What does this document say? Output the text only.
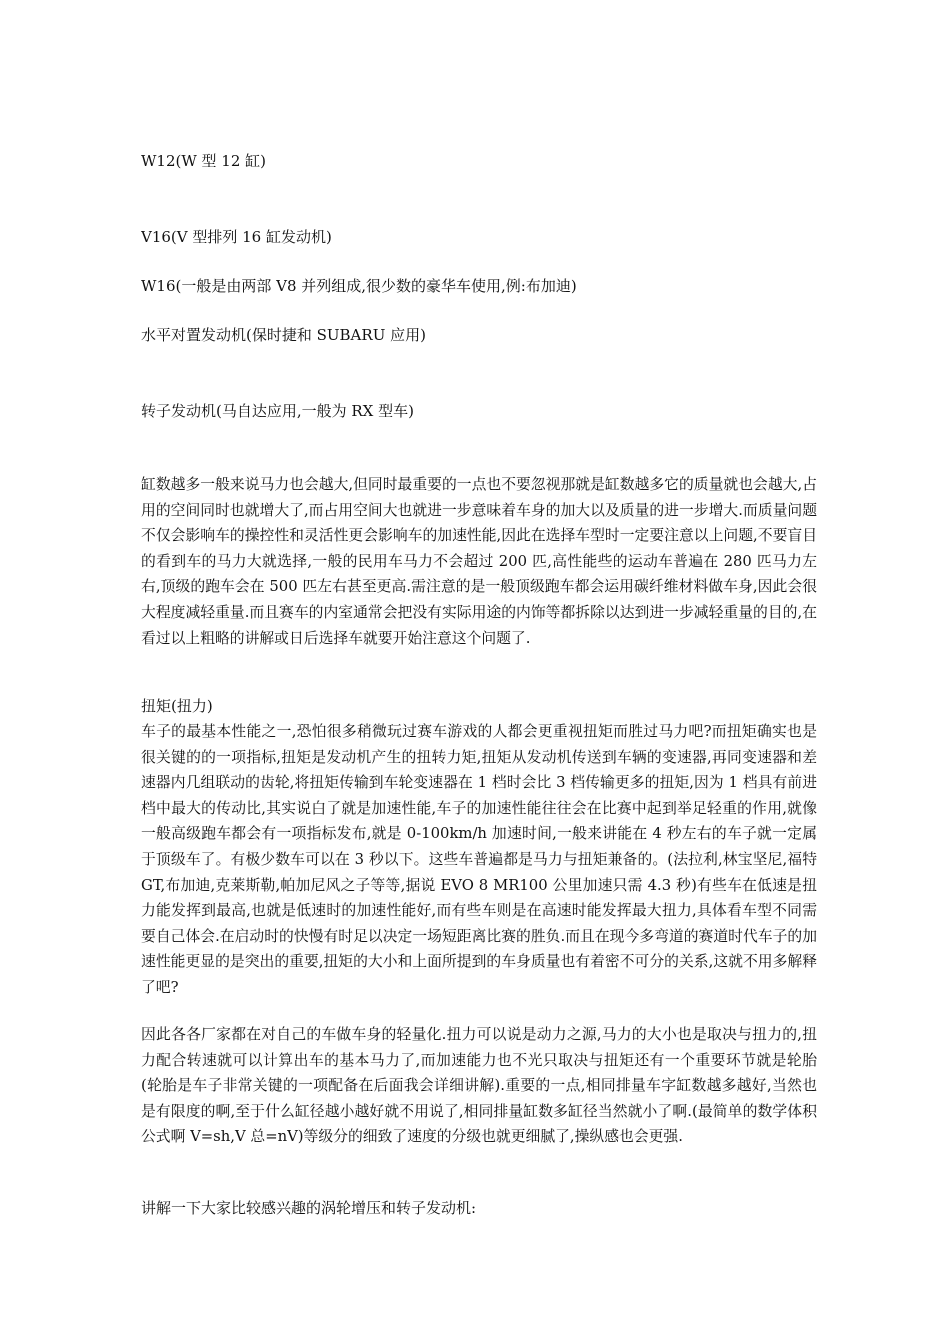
W12(W 型 12 缸)
V16(V 型排列 16 缸发动机)
W16(一般是由两部 V8 并列组成,很少数的豪华车使用,例:布加迪)
水平对置发动机(保时捷和 SUBARU 应用)
转子发动机(马自达应用,一般为 RX 型车)
缸数越多一般来说马力也会越大,但同时最重要的一点也不要忽视那就是缸数越多它的质量就也会越大,占用的空间同时也就增大了,而占用空间大也就进一步意味着车身的加大以及质量的进一步增大.而质量问题不仅会影响车的操控性和灵活性更会影响车的加速性能,因此在选择车型时一定要注意以上问题,不要盲目的看到车的马力大就选择,一般的民用车马力不会超过 200 匹,高性能些的运动车普遍在 280 匹马力左右,顶级的跑车会在 500 匹左右甚至更高.需注意的是一般顶级跑车都会运用碳纤维材料做车身,因此会很大程度减轻重量.而且赛车的内室通常会把没有实际用途的内饰等都拆除以达到进一步减轻重量的目的,在看过以上粗略的讲解或日后选择车就要开始注意这个问题了.
扭矩(扭力)
车子的最基本性能之一,恐怕很多稍微玩过赛车游戏的人都会更重视扭矩而胜过马力吧?而扭矩确实也是很关键的的一项指标,扭矩是发动机产生的扭转力矩,扭矩从发动机传送到车辆的变速器,再同变速器和差速器内几组联动的齿轮,将扭矩传输到车轮变速器在 1 档时会比 3 档传输更多的扭矩,因为 1 档具有前进档中最大的传动比,其实说白了就是加速性能,车子的加速性能往往会在比赛中起到举足轻重的作用,就像一般高级跑车都会有一项指标发布,就是 0-100km/h 加速时间,一般来讲能在 4 秒左右的车子就一定属于顶级车了。有极少数车可以在 3 秒以下。这些车普遍都是马力与扭矩兼备的。(法拉利,林宝坚尼,福特 GT,布加迪,克莱斯勒,帕加尼风之子等等,据说 EVO 8 MR100 公里加速只需 4.3 秒)有些车在低速是扭力能发挥到最高,也就是低速时的加速性能好,而有些车则是在高速时能发挥最大扭力,具体看车型不同需要自己体会.在启动时的快慢有时足以决定一场短距离比赛的胜负.而且在现今多弯道的赛道时代车子的加速性能更显的是突出的重要,扭矩的大小和上面所提到的车身质量也有着密不可分的关系,这就不用多解释了吧?
因此各各厂家都在对自己的车做车身的轻量化.扭力可以说是动力之源,马力的大小也是取决与扭力的,扭力配合转速就可以计算出车的基本马力了,而加速能力也不光只取决与扭矩还有一个重要环节就是轮胎(轮胎是车子非常关键的一项配备在后面我会详细讲解).重要的一点,相同排量车字缸数越多越好,当然也是有限度的啊,至于什么缸径越小越好就不用说了,相同排量缸数多缸径当然就小了啊.(最简单的数学体积公式啊 V=sh,V 总=nV)等级分的细致了速度的分级也就更细腻了,操纵感也会更强.
讲解一下大家比较感兴趣的涡轮增压和转子发动机:
